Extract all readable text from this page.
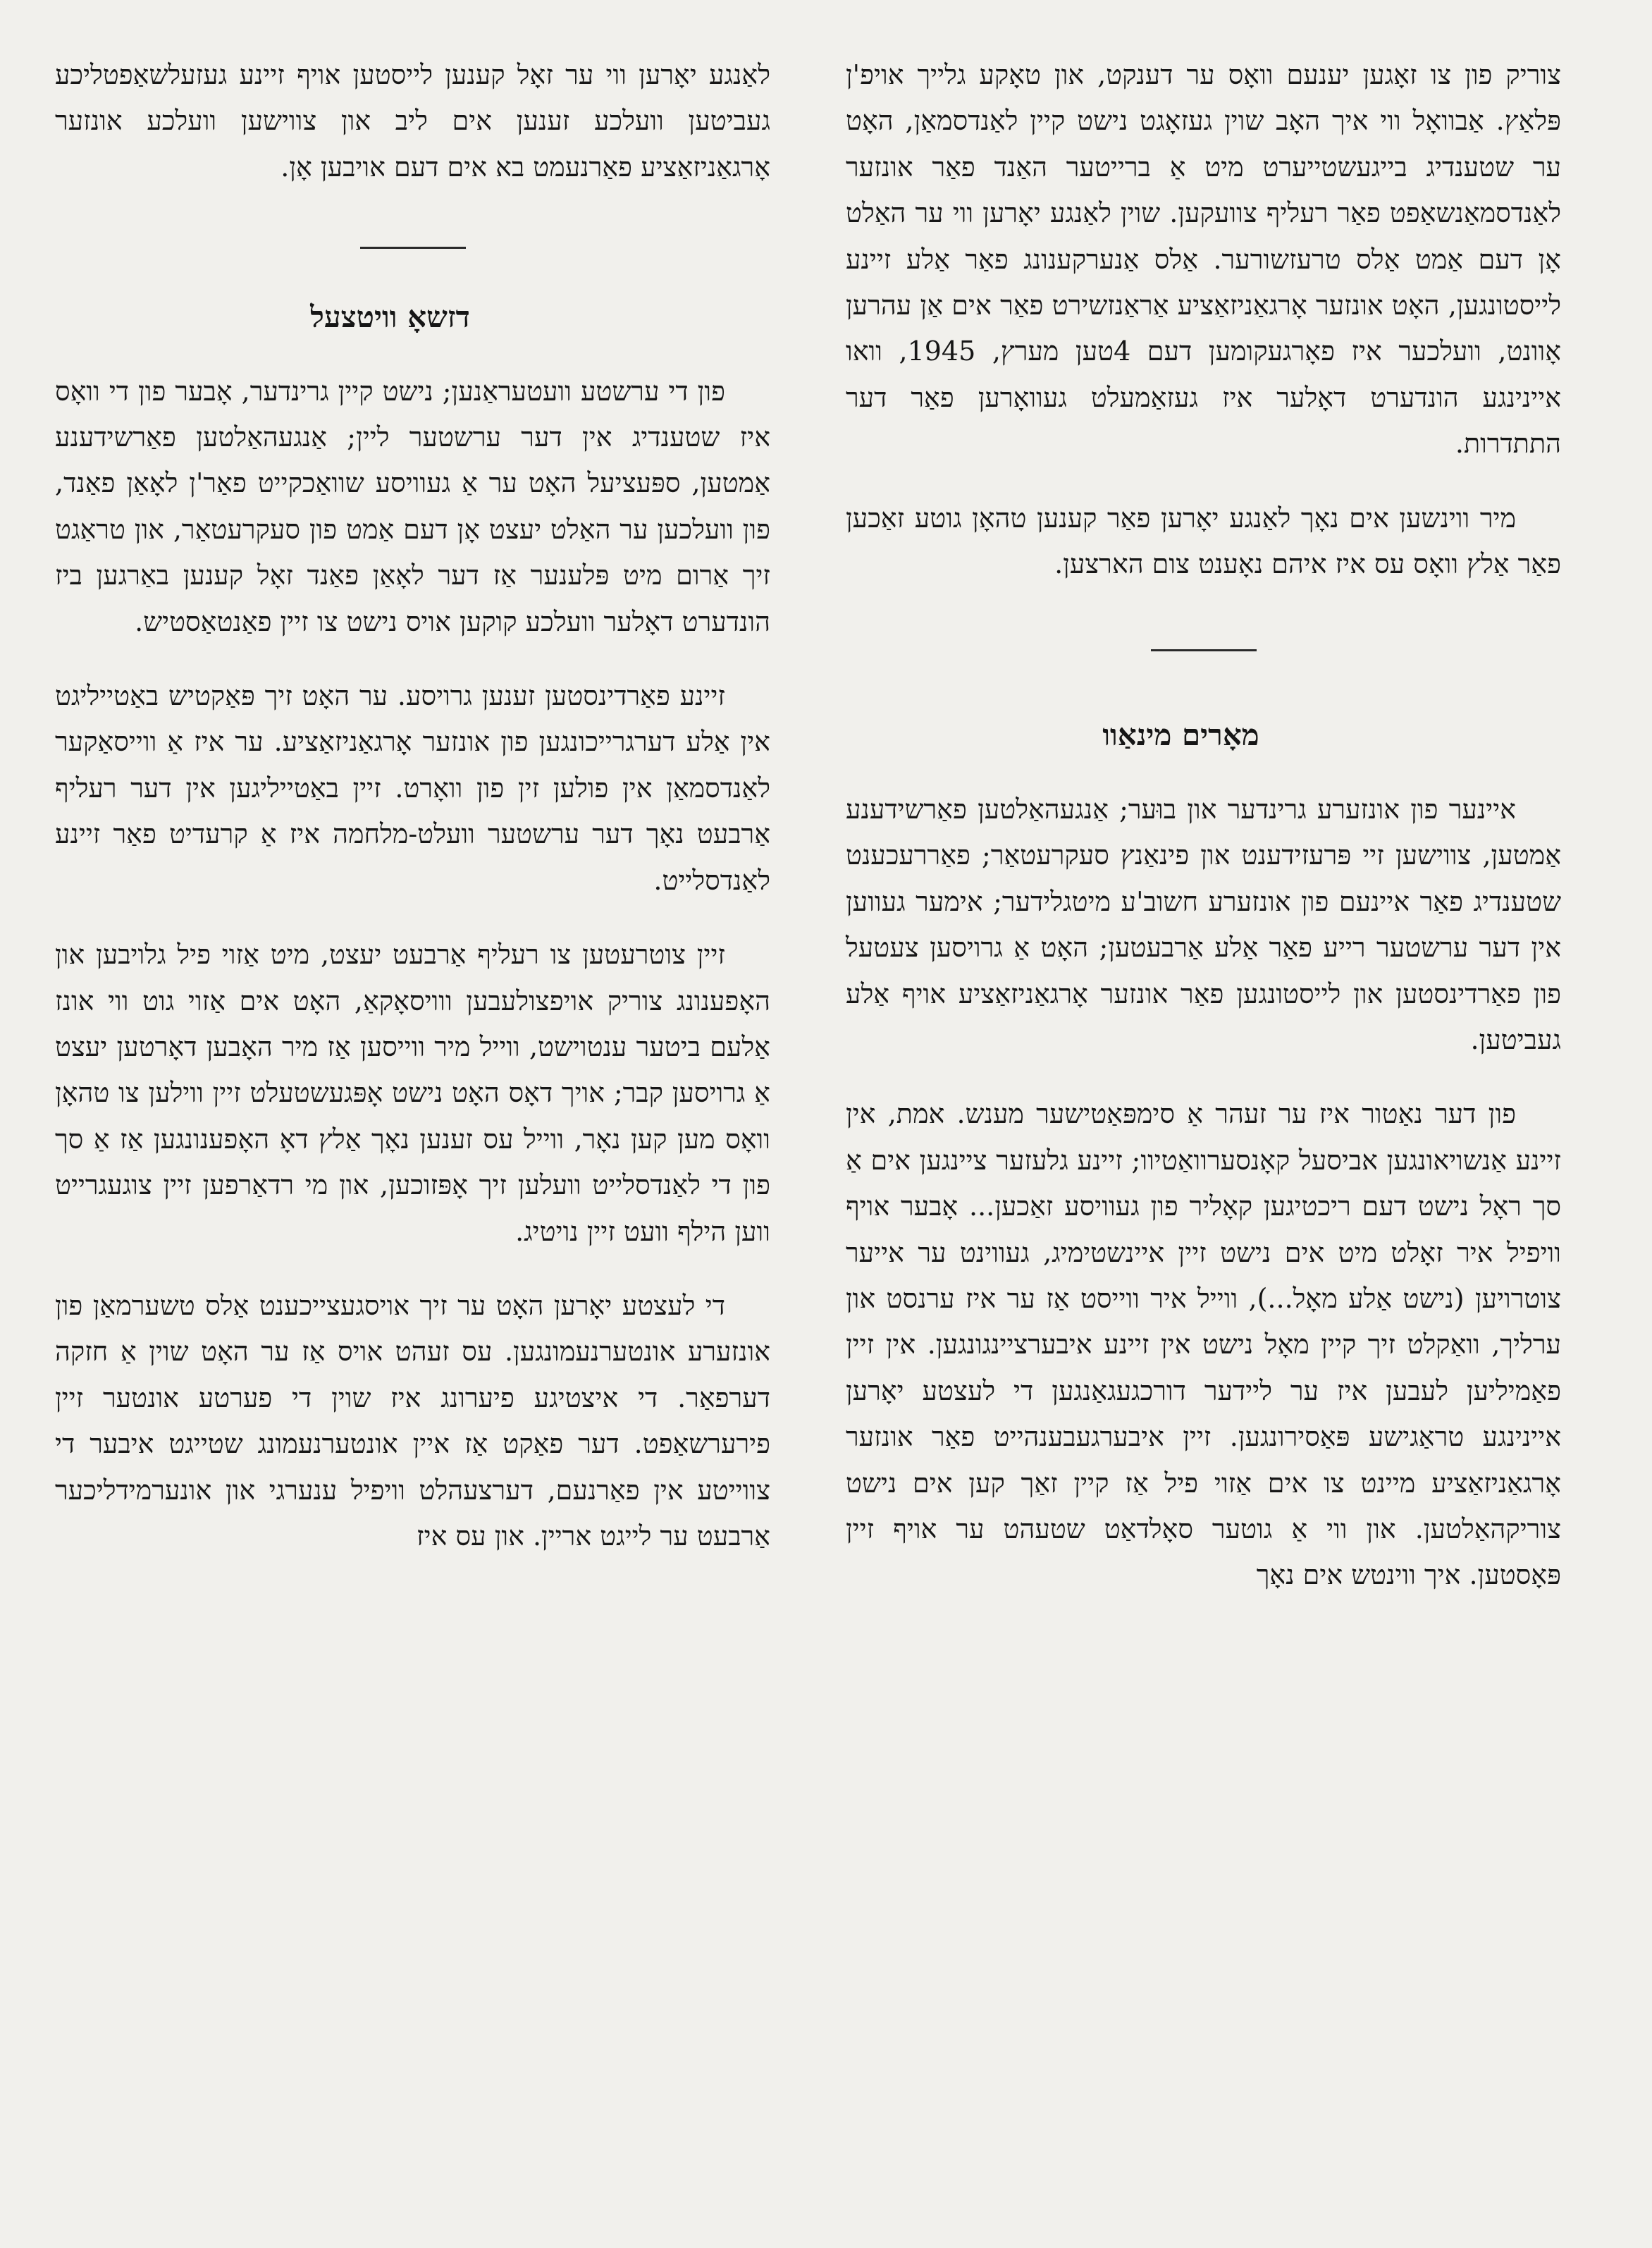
צוריק פון צו זאָגען יענעם וואָס ער דענקט, און טאָקע גלייך אויפ'ן פּלאַץ. אַבוואָל ווי איך האָב שוין געזאָגט נישט קיין לאַנדסמאַן, האָט ער שטענדיג בייגעשטייערט מיט אַ ברייטער האַנד פאַר אונזער לאַנדסמאַנשאַפט פאַר רעליף צוועקען. שוין לאַנגע יאָרען ווי ער האַלט אָן דעם אַמט אַלס טרעזשורער. אַלס אַנערקענונג פאַר אַלע זיינע לייסטונגען, האָט אונזער אָרגאַניזאַציע אַראַנזשירט פאַר אים אַן עהרען אָוונט, וועלכער איז פאָרגעקומען דעם 4טען מערץ, 1945, וואו איינינגע הונדערט דאָלער איז געזאַמעלט געוואָרען פאַר דער התתדרות.

מיר ווינשען אים נאָך לאַנגע יאָרען פאַר קענען טהאָן גוטע זאַכען פאַר אַלץ וואָס עס איז איהם נאָענט צום הארצען.

מאָרים מינאַוו

איינער פון אונזערע גרינדער און בוּער; אַנגעהאַלטען פאַרשידענע אַמטען, צווישען זיי פּרעזידענט און פינאַנץ סעקרעטאַר; פאַררעכענט שטענדיג פאַר איינעם פון אונזערע חשוב'ע מיטגלידער; אימער געווען אין דער ערשטער רייע פאַר אַלע אַרבעטען; האָט אַ גרויסען צעטעל פון פאַרדינסטען און לייסטונגען פאַר אונזער אָרגאַניזאַציע אויף אַלע געביטען.

פון דער נאַטור איז ער זעהר אַ סימפּאַטישער מענש. אמת, אין זיינע אַנשויאונגען אביסעל קאָנסערוואַטיוו; זיינע גלעזער ציינגען אים אַ סך ראָל נישט דעם ריכטיגען קאָליר פון געוויסע זאַכען... אָבער אויף וויפיל איר זאָלט מיט אים נישט זיין איינשטימיג, געווינט ער אייער צוטרויען (נישט אַלע מאָל...), ווייל איר ווייסט אַז ער איז ערנסט און ערליך, וואַקלט זיך קיין מאָל נישט אין זיינע איבערציינגונגען. אין זיין פאַמיליען לעבען איז ער ליידער דורכגעגאַנגען די לעצטע יאָרען איינינגע טראַגישע פּאַסירונגען. זיין איבערגעבענהייט פאַר אונזער אָרגאַניזאַציע מיינט צו אים אַזוי פיל אַז קיין זאַך קען אים נישט צוריקהאַלטען. און ווי אַ גוטער סאָלדאַט שטעהט ער אויף זיין פּאָסטען. איך ווינטש אים נאָך

לאַנגע יאָרען ווי ער זאָל קענען לייסטען אויף זיינע געזעלשאַפטליכע געביטען וועלכע זענען אים ליב און צווישען וועלכע אונזער אָרגאַניזאַציע פאַרנעמט בא אים דעם אויבען אָן.

דזשאָ וויטצעל

פון די ערשטע וועטעראַנען; נישט קיין גרינדער, אָבער פון די וואָס איז שטענדיג אין דער ערשטער ליין; אַנגעהאַלטען פאַרשידענע אַמטען, ספּעציעל האָט ער אַ געוויסע שוואַכקייט פאַר'ן לאָאַן פאַנד, פון וועלכען ער האַלט יעצט אָן דעם אַמט פון סעקרעטאַר, און טראַגט זיך אַרום מיט פּלענער אַז דער לאָאַן פאַנד זאָל קענען באַרגען ביז הונדערט דאָלער וועלכע קוקען אויס נישט צו זיין פאַנטאַסטיש.

זיינע פאַרדינסטען זענען גרויסע. ער האָט זיך פּאַקטיש באַטייליגט אין אַלע דערגרייכונגען פון אונזער אָרגאַניזאַציע. ער איז אַ ווייסאַקער לאַנדסמאַן אין פולען זין פון וואָרט. זיין באַטייליגען אין דער רעליף אַרבעט נאָך דער ערשטער וועלט-מלחמה איז אַ קרעדיט פאַר זיינע לאַנדסלייט.

זיין צוטרעטען צו רעליף אַרבעט יעצט, מיט אַזוי פיל גלויבען און האָפענונג צוריק אויפצולעבען ווויסאָקאַ, האָט אים אַזוי גוט ווי אונז אַלעם ביטער ענטוישט, ווייל מיר ווייסען אַז מיר האָבען דאָרטען יעצט אַ גרויסען קבר; אויך דאָס האָט נישט אָפּגעשטעלט זיין ווילען צו טהאָן וואָס מען קען נאָר, ווייל עס זענען נאָך אַלץ דאָ האָפענונגען אַז אַ סך פון די לאַנדסלייט וועלען זיך אָפּזוכען, און מי רדאַרפען זיין צוגעגרייט ווען הילף וועט זיין נויטיג.

די לעצטע יאָרען האָט ער זיך אויסגעצייכענט אַלס טשערמאַן פון אונזערע אונטערנעמונגען. עס זעהט אויס אַז ער האָט שוין אַ חזקה דערפאַר. די איצטיגע פיערונג איז שוין די פערטע אונטער זיין פירערשאַפט. דער פאַקט אַז איין אונטערנעמונג שטייגט איבער די צווייטע אין פאַרנעם, דערצעהלט וויפיל ענערגי און אונערמידליכער אַרבעט ער לייגט אריין. און עס איז
